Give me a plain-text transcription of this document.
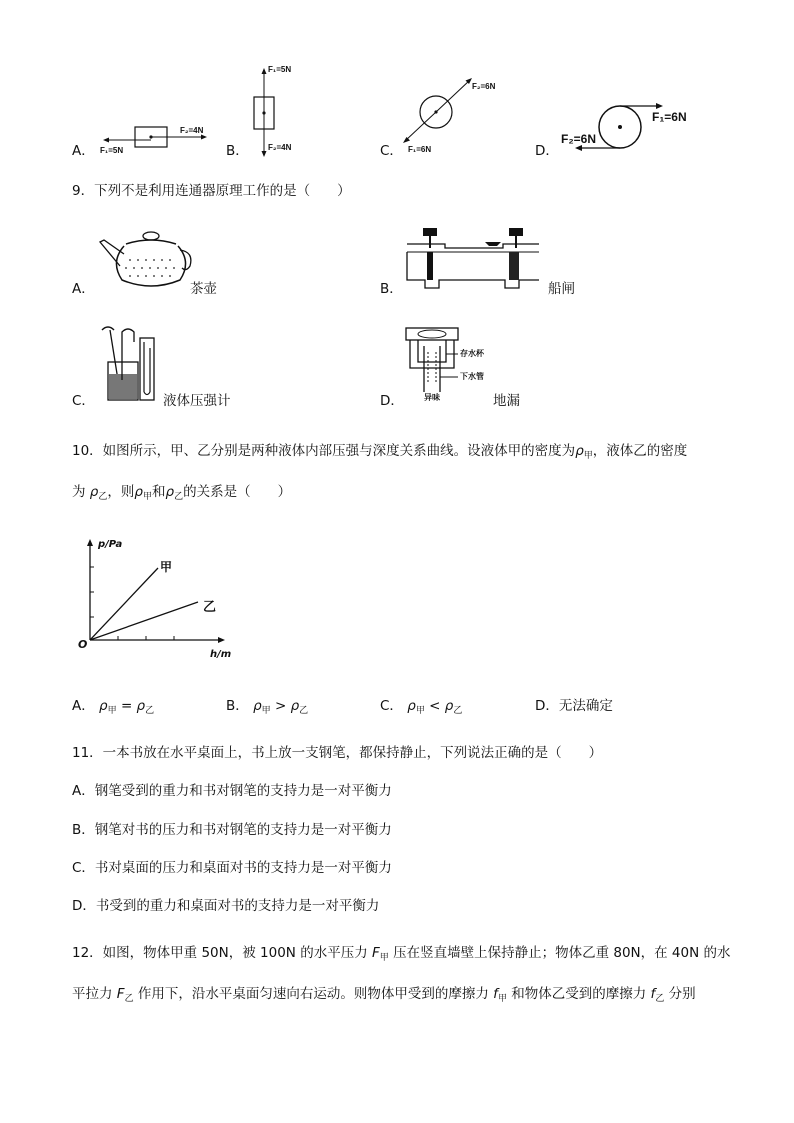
A．
F₂=4N
F₁=5N	B．
F₁=5N
F₂=4N	C．
F₂=6N
F₁=6N	D．
F₁=6N
F₂=6N
9．下列不是利用连通器原理工作的是（　　）
A．	茶壶	B．	船闸
C．	液体压强计	D．
存水杯
下水管
异味	地漏
10．如图所示，甲、乙分别是两种液体内部压强与深度关系曲线。设液体甲的密度为$\rho_甲$，液体乙的密度
为 $\rho_乙$，则$\rho_甲$和$\rho_乙$的关系是（　　）
p/Pa
甲
乙
O
h/m
A． $\rho_甲 = \rho_乙$	B． $\rho_甲 > \rho_乙$	C． $\rho_甲 < \rho_乙$	D．无法确定
11．一本书放在水平桌面上，书上放一支钢笔，都保持静止，下列说法正确的是（　　）
A．钢笔受到的重力和书对钢笔的支持力是一对平衡力
B．钢笔对书的压力和书对钢笔的支持力是一对平衡力
C．书对桌面的压力和桌面对书的支持力是一对平衡力
D．书受到的重力和桌面对书的支持力是一对平衡力
12．如图，物体甲重 50N，被 100N 的水平压力 $F_甲$ 压在竖直墙壁上保持静止；物体乙重 80N，在 40N 的水
平拉力 $F_乙$ 作用下，沿水平桌面匀速向右运动。则物体甲受到的摩擦力 $f_甲$ 和物体乙受到的摩擦力 $f_乙$ 分别
